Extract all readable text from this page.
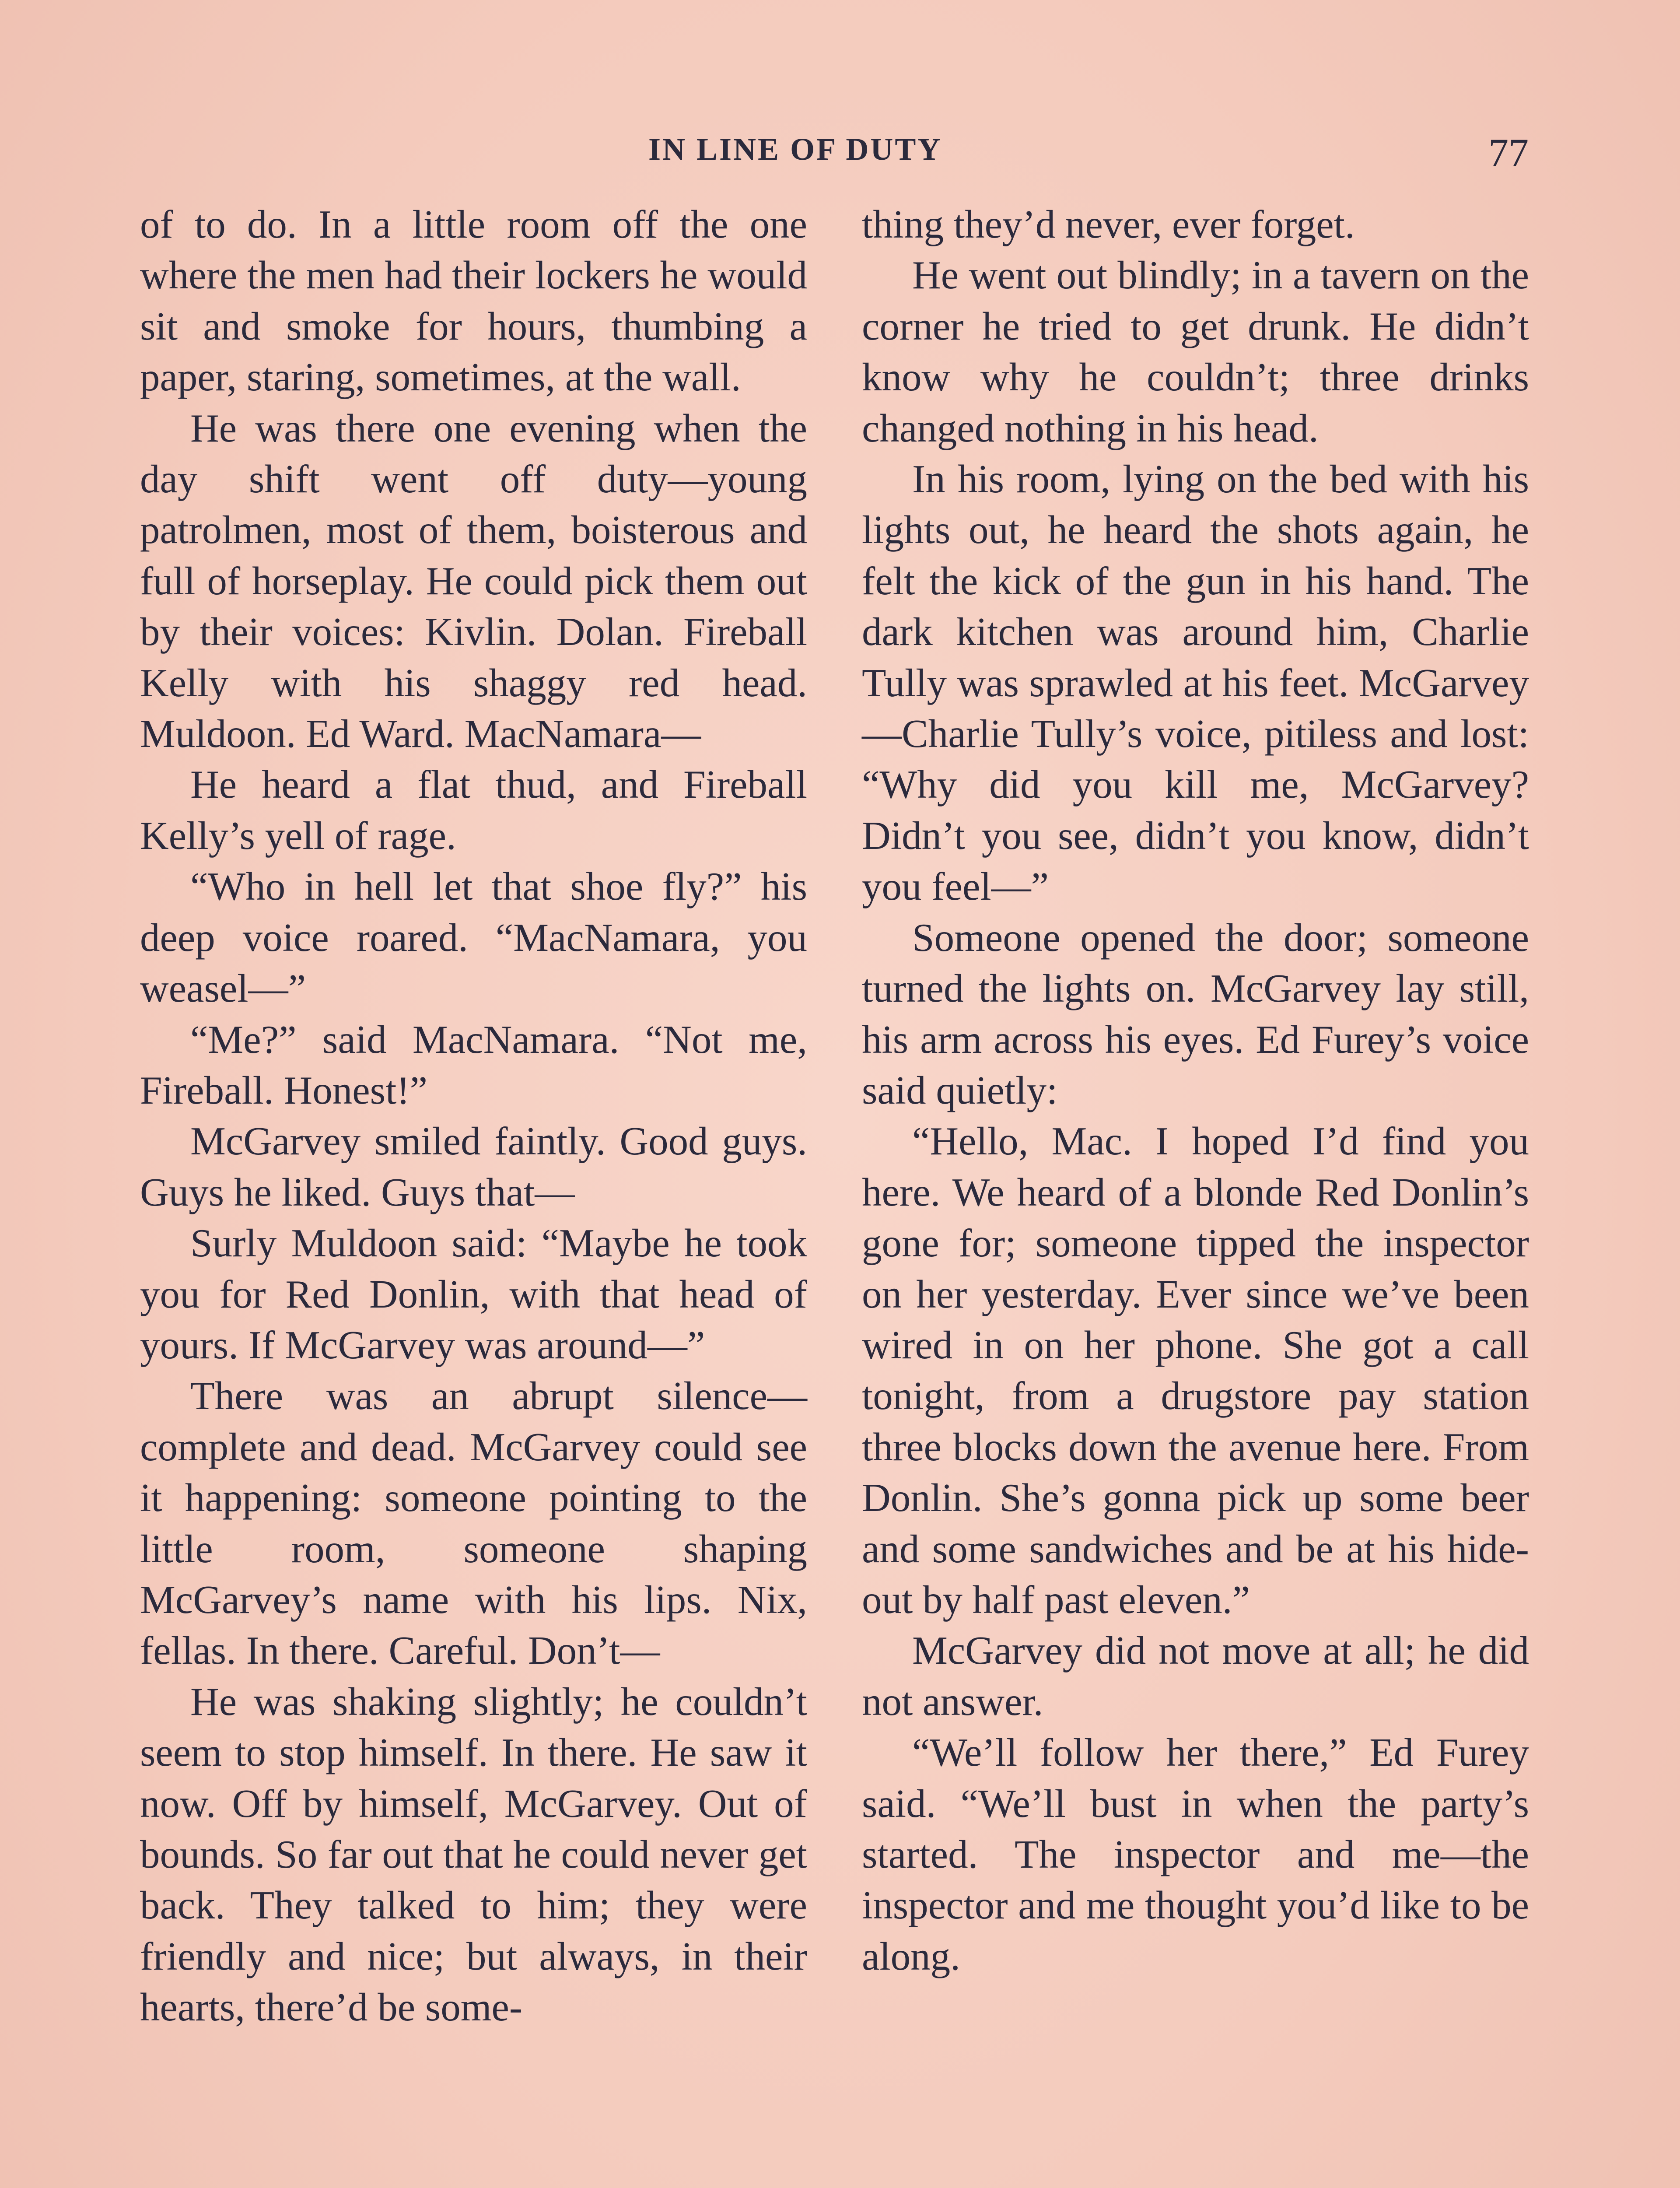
IN LINE OF DUTY	77

of to do. In a little room off the one where the men had their lockers he would sit and smoke for hours, thumbing a paper, staring, sometimes, at the wall.

He was there one evening when the day shift went off duty—young patrolmen, most of them, boisterous and full of horseplay. He could pick them out by their voices: Kivlin. Dolan. Fireball Kelly with his shaggy red head. Muldoon. Ed Ward. MacNamara—

He heard a flat thud, and Fireball Kelly’s yell of rage.

“Who in hell let that shoe fly?” his deep voice roared. “MacNamara, you weasel—”

“Me?” said MacNamara. “Not me, Fireball. Honest!”

McGarvey smiled faintly. Good guys. Guys he liked. Guys that—

Surly Muldoon said: “Maybe he took you for Red Donlin, with that head of yours. If McGarvey was around—”

There was an abrupt silence—complete and dead. McGarvey could see it happening: someone pointing to the little room, someone shaping McGarvey’s name with his lips. Nix, fellas. In there. Careful. Don’t—

He was shaking slightly; he couldn’t seem to stop himself. In there. He saw it now. Off by himself, McGarvey. Out of bounds. So far out that he could never get back. They talked to him; they were friendly and nice; but always, in their hearts, there’d be some-

thing they’d never, ever forget.

He went out blindly; in a tavern on the corner he tried to get drunk. He didn’t know why he couldn’t; three drinks changed nothing in his head.

In his room, lying on the bed with his lights out, he heard the shots again, he felt the kick of the gun in his hand. The dark kitchen was around him, Charlie Tully was sprawled at his feet. McGarvey—Charlie Tully’s voice, pitiless and lost: “Why did you kill me, McGarvey? Didn’t you see, didn’t you know, didn’t you feel—”

Someone opened the door; someone turned the lights on. McGarvey lay still, his arm across his eyes. Ed Furey’s voice said quietly:

“Hello, Mac. I hoped I’d find you here. We heard of a blonde Red Donlin’s gone for; someone tipped the inspector on her yesterday. Ever since we’ve been wired in on her phone. She got a call tonight, from a drugstore pay station three blocks down the avenue here. From Donlin. She’s gonna pick up some beer and some sandwiches and be at his hide-out by half past eleven.”

McGarvey did not move at all; he did not answer.

“We’ll follow her there,” Ed Furey said. “We’ll bust in when the party’s started. The inspector and me—the inspector and me thought you’d like to be along.
